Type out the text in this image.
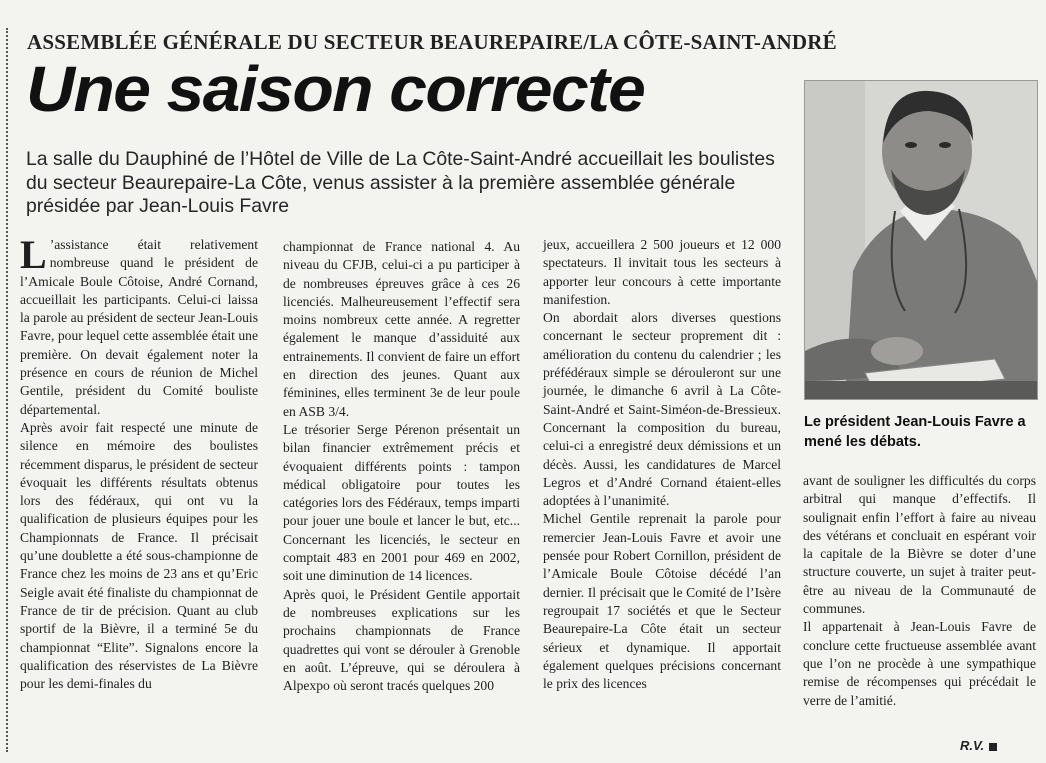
ASSEMBLÉE GÉNÉRALE DU SECTEUR BEAUREPAIRE/LA CÔTE-SAINT-ANDRÉ
Une saison correcte
La salle du Dauphiné de l’Hôtel de Ville de La Côte-Saint-André accueillait les boulistes du secteur Beaurepaire-La Côte, venus assister à la première assemblée générale présidée par Jean-Louis Favre
Le président Jean-Louis Favre a mené les débats.

L ’assistance était relativement nombreuse quand le président de l’Amicale Boule Côtoise, André Cornand, accueillait les participants. Celui-ci laissa la parole au président de secteur Jean-Louis Favre, pour lequel cette assemblée était une première. On devait également noter la présence en cours de réunion de Michel Gentile, président du Comité bouliste départemental.

Après avoir fait respecté une minute de silence en mémoire des boulistes récemment disparus, le président de secteur évoquait les différents résultats obtenus lors des fédéraux, qui ont vu la qualification de plusieurs équipes pour les Championnats de France. Il précisait qu’une doublette a été sous-championne de France chez les moins de 23 ans et qu’Eric Seigle avait été finaliste du championnat de France de tir de précision. Quant au club sportif de la Bièvre, il a terminé 5e du championnat “Elite”. Signalons encore la qualification des réservistes de La Bièvre pour les demi-finales du

championnat de France national 4. Au niveau du CFJB, celui-ci a pu participer à de nombreuses épreuves grâce à ces 26 licenciés. Malheureusement l’effectif sera moins nombreux cette année. A regretter également le manque d’assiduité aux entrainements. Il convient de faire un effort en direction des jeunes. Quant aux féminines, elles terminent 3e de leur poule en ASB 3/4.

Le trésorier Serge Pérenon présentait un bilan financier extrêmement précis et évoquaient différents points : tampon médical obligatoire pour toutes les catégories lors des Fédéraux, temps imparti pour jouer une boule et lancer le but, etc... Concernant les licenciés, le secteur en comptait 483 en 2001 pour 469 en 2002, soit une diminution de 14 licences.

Après quoi, le Président Gentile apportait de nombreuses explications sur les prochains championnats de France quadrettes qui vont se dérouler à Grenoble en août. L’épreuve, qui se déroulera à Alpexpo où seront tracés quelques 200

jeux, accueillera 2 500 joueurs et 12 000 spectateurs. Il invitait tous les secteurs à apporter leur concours à cette importante manifestion.

On abordait alors diverses questions concernant le secteur proprement dit : amélioration du contenu du calendrier ; les préfédéraux simple se dérouleront sur une journée, le dimanche 6 avril à La Côte-Saint-André et Saint-Siméon-de-Bressieux. Concernant la composition du bureau, celui-ci a enregistré deux démissions et un décès. Aussi, les candidatures de Marcel Legros et d’André Cornand étaient-elles adoptées à l’unanimité.

Michel Gentile reprenait la parole pour remercier Jean-Louis Favre et avoir une pensée pour Robert Cornillon, président de l’Amicale Boule Côtoise décédé l’an dernier. Il précisait que le Comité de l’Isère regroupait 17 sociétés et que le Secteur Beaurepaire-La Côte était un secteur sérieux et dynamique. Il apportait également quelques précisions concernant le prix des licences

avant de souligner les difficultés du corps arbitral qui manque d’effectifs. Il soulignait enfin l’effort à faire au niveau des vétérans et concluait en espérant voir la capitale de la Bièvre se doter d’une structure couverte, un sujet à traiter peut-être au niveau de la Communauté de communes.

Il appartenait à Jean-Louis Favre de conclure cette fructueuse assemblée avant que l’on ne procède à une sympathique remise de récompenses qui précédait le verre de l’amitié.

R.V.
